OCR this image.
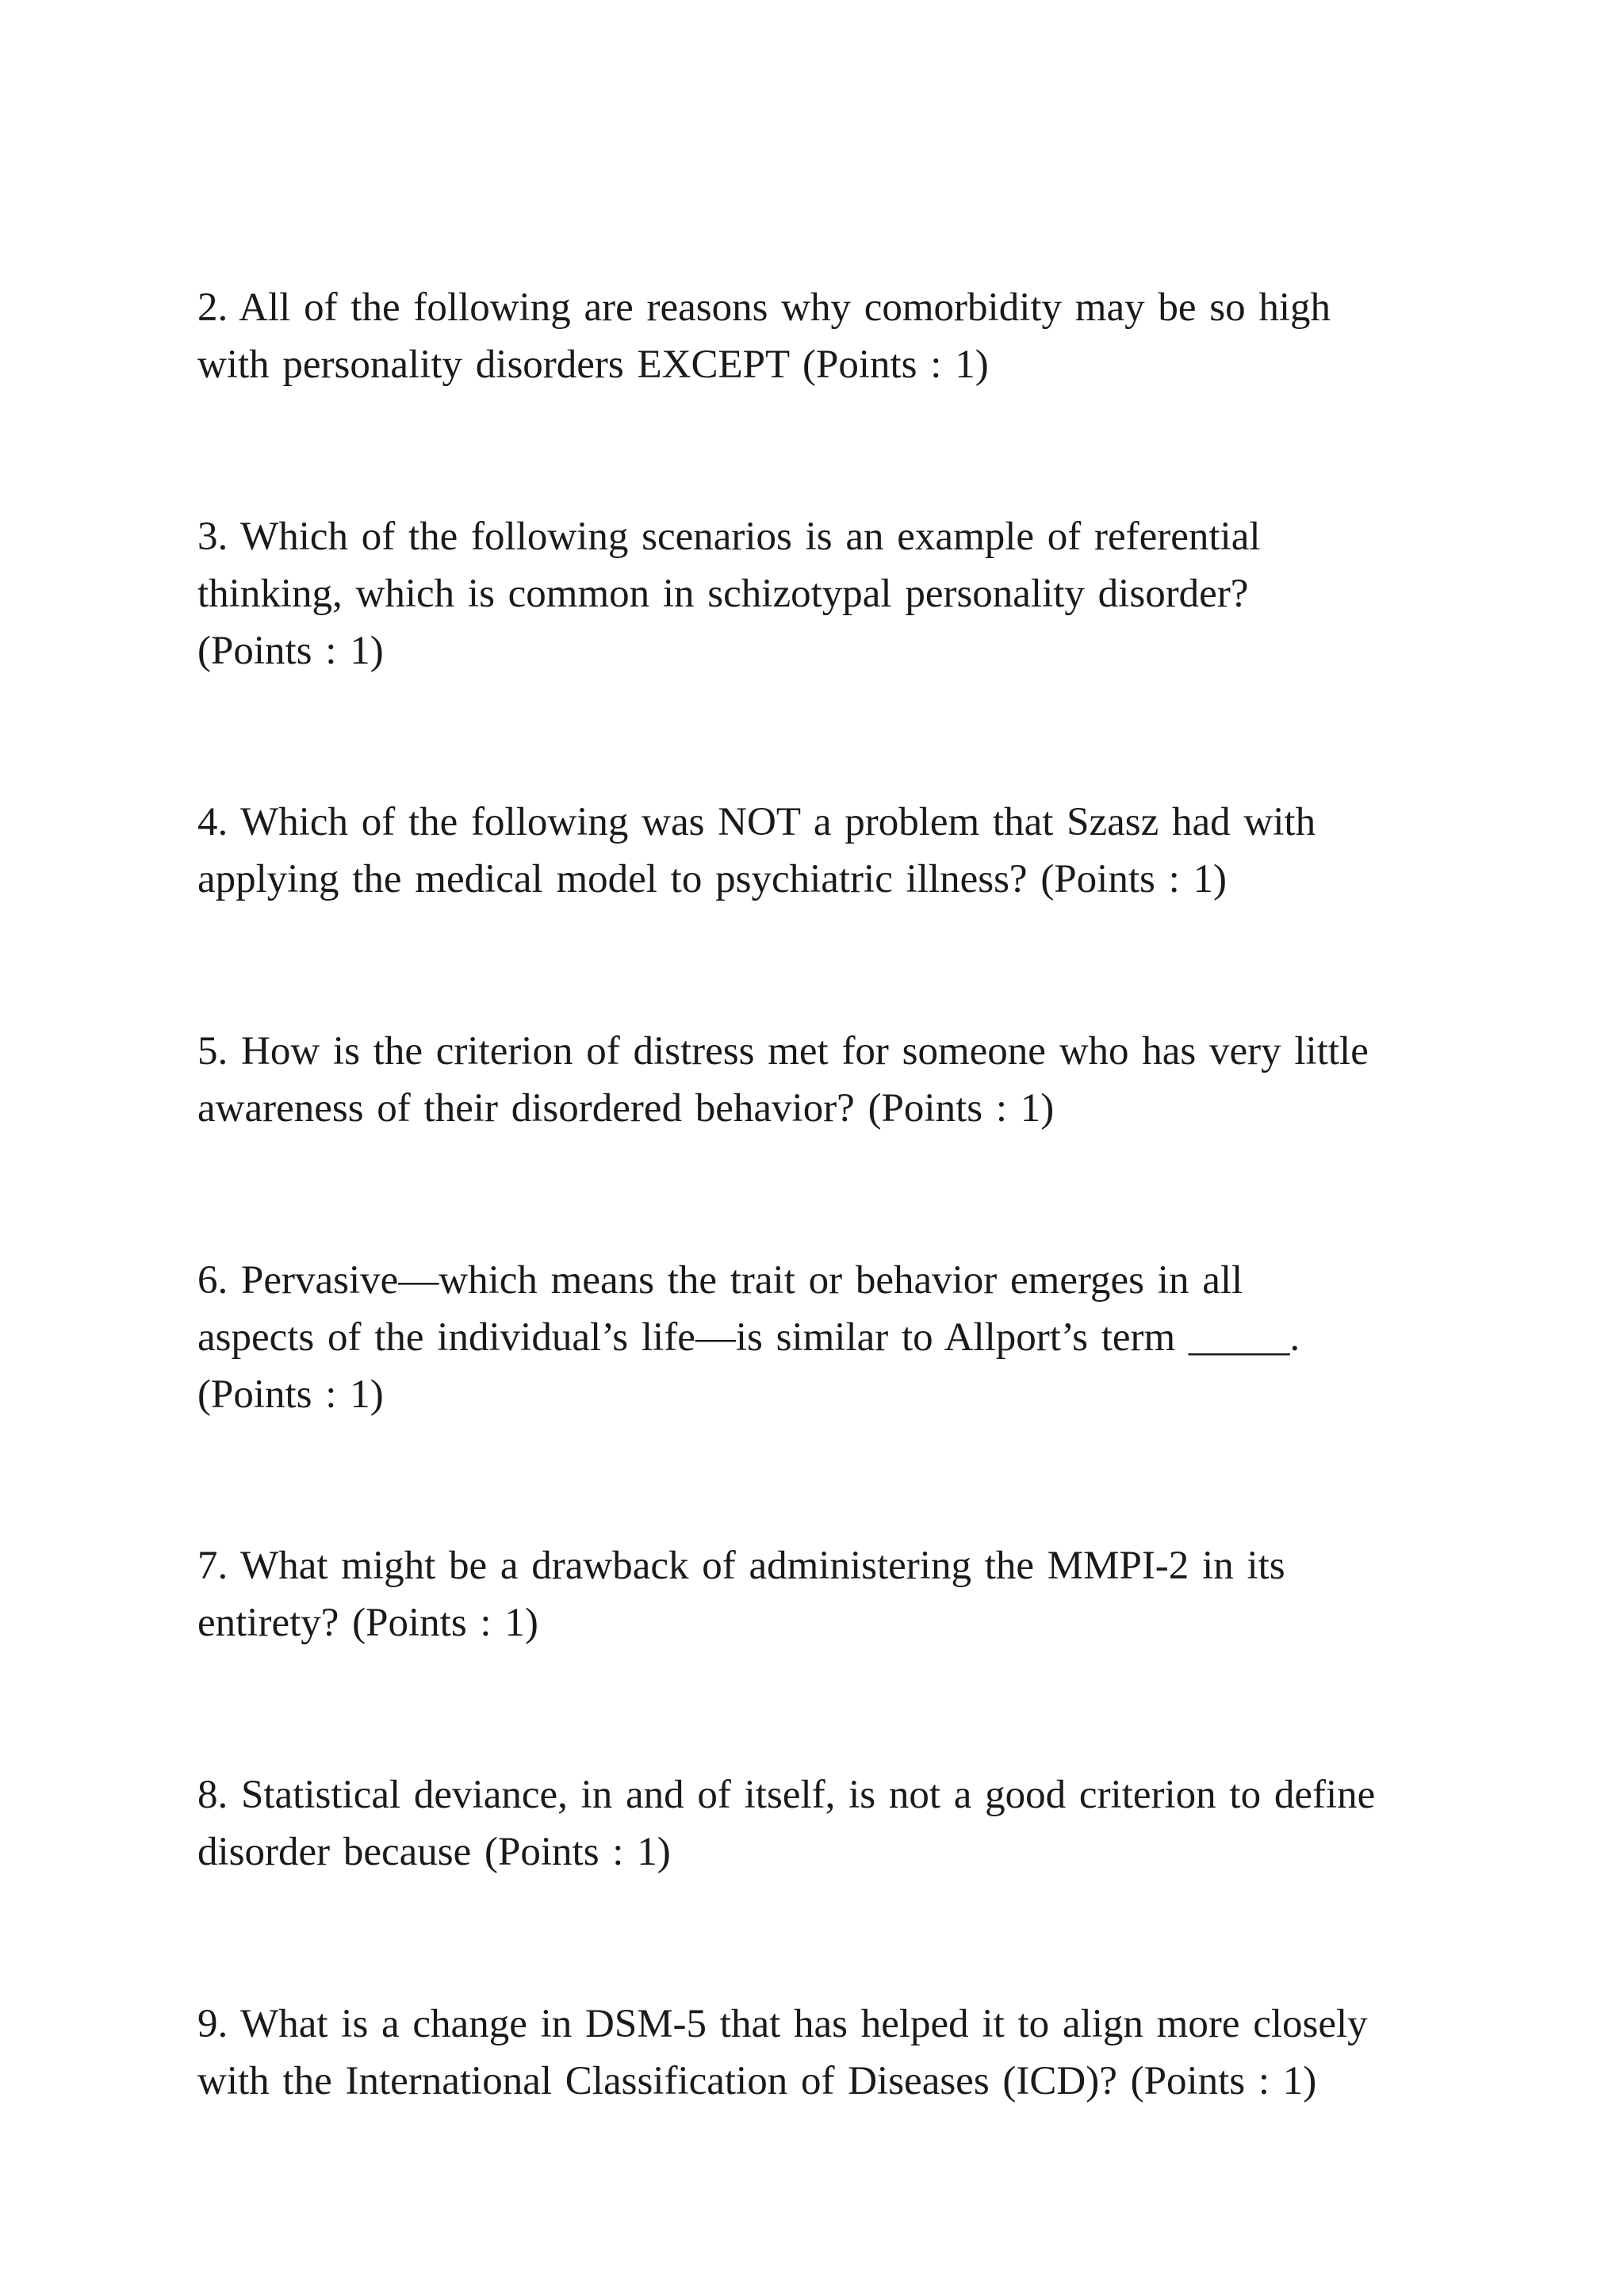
2. All of the following are reasons why comorbidity may be so high
with personality disorders EXCEPT (Points : 1)

3. Which of the following scenarios is an example of referential
thinking, which is common in schizotypal personality disorder?
(Points : 1)

4. Which of the following was NOT a problem that Szasz had with
applying the medical model to psychiatric illness? (Points : 1)

5. How is the criterion of distress met for someone who has very little
awareness of their disordered behavior? (Points : 1)

6. Pervasive—which means the trait or behavior emerges in all
aspects of the individual’s life—is similar to Allport’s term _____.
(Points : 1)

7. What might be a drawback of administering the MMPI-2 in its
entirety? (Points : 1)

8. Statistical deviance, in and of itself, is not a good criterion to define
disorder because (Points : 1)

9. What is a change in DSM-5 that has helped it to align more closely
with the International Classification of Diseases (ICD)? (Points : 1)
